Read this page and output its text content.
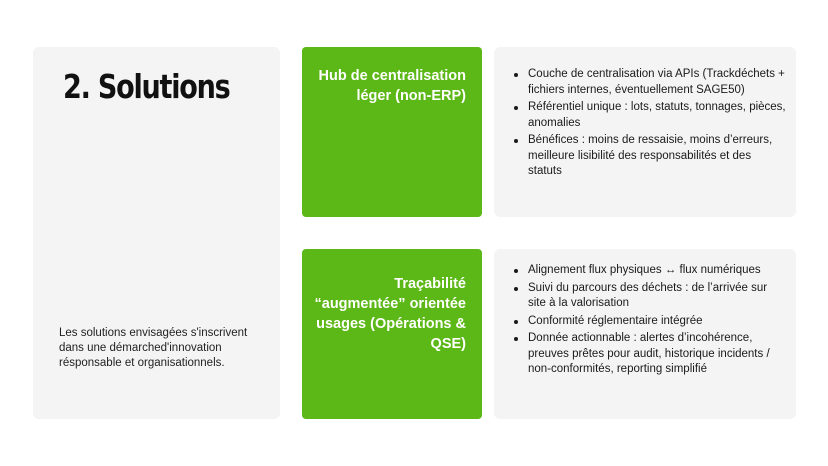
2. Solutions
Les solutions envisagées s'inscrivent dans une démarched'innovation résponsable et organisationnels.
Hub de centralisation léger (non-ERP)
Couche de centralisation via APIs (Trackdéchets + fichiers internes, éventuellement SAGE50)
Référentiel unique : lots, statuts, tonnages, pièces, anomalies
Bénéfices : moins de ressaisie, moins d’erreurs, meilleure lisibilité des responsabilités et des statuts
Traçabilité “augmentée” orientée usages (Opérations & QSE)
Alignement flux physiques ↔ flux numériques
Suivi du parcours des déchets : de l’arrivée sur site à la valorisation
Conformité réglementaire intégrée
Donnée actionnable : alertes d’incohérence, preuves prêtes pour audit, historique incidents / non-conformités, reporting simplifié
